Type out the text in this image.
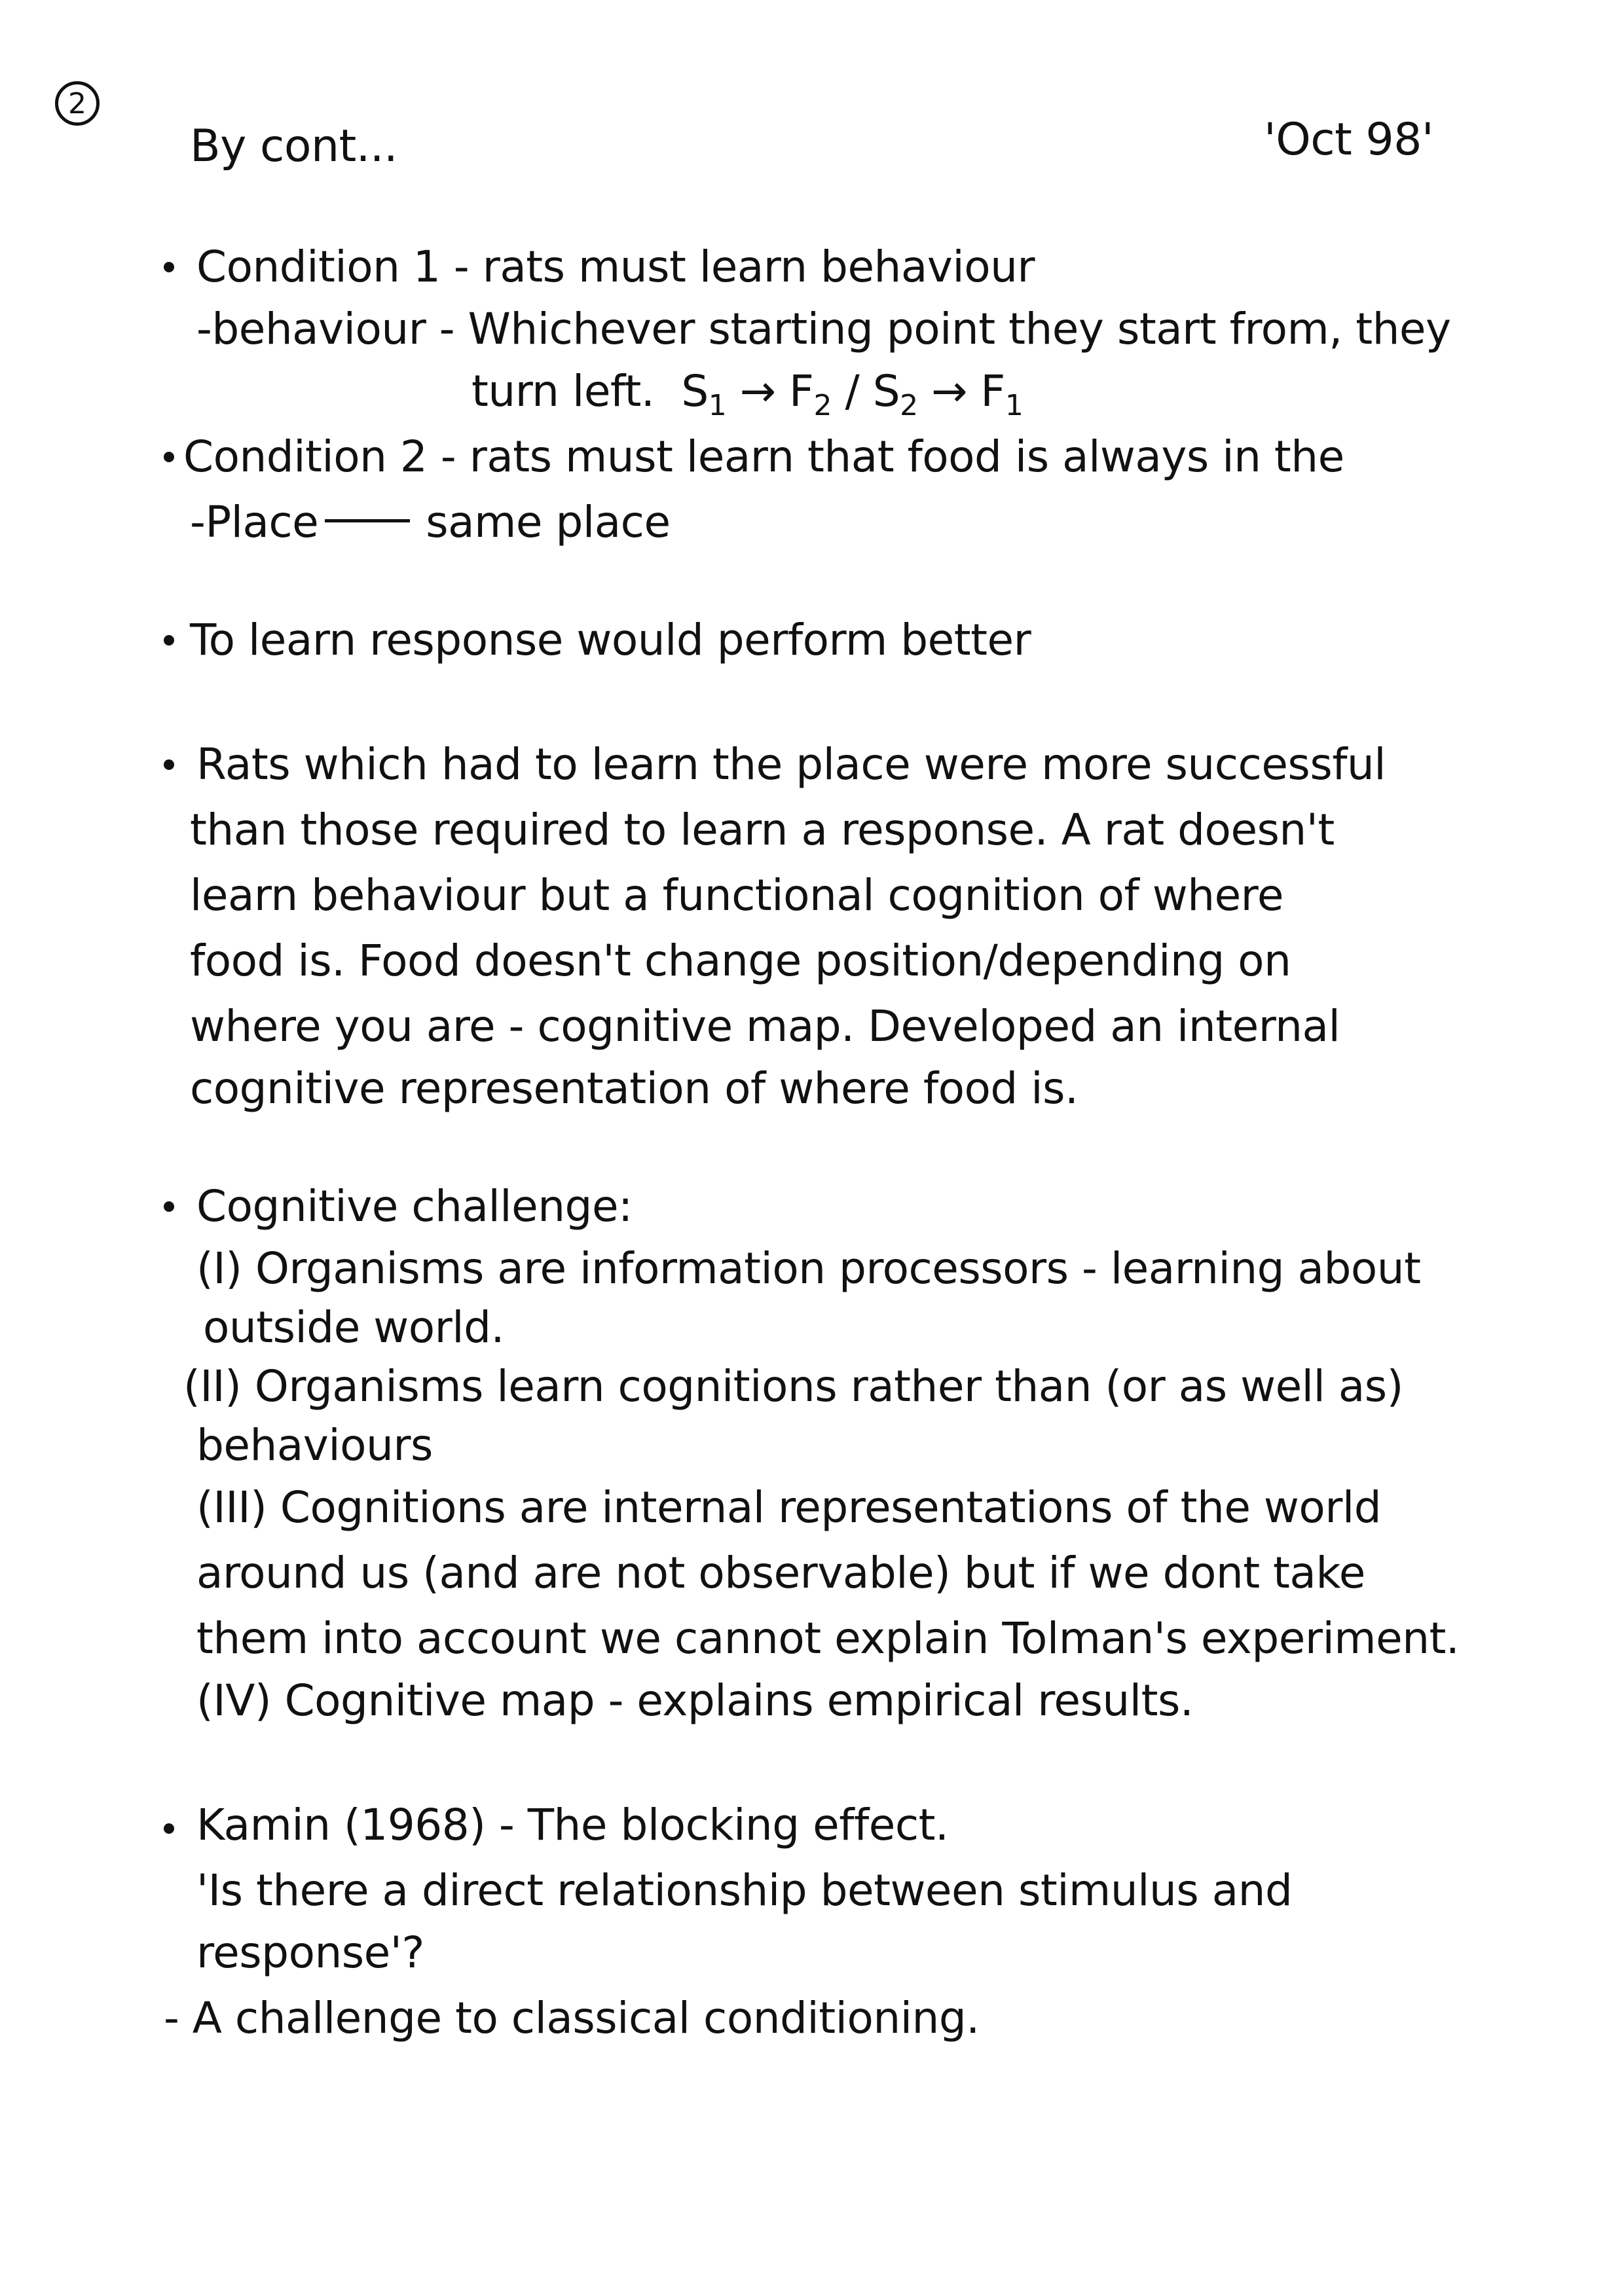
2
By cont...	'Oct 98'
Condition 1 - rats must learn behaviour
-behaviour - Whichever starting point they start from, they
turn left. $S_1 \to F_2 / S_2 \to F_1$
Condition 2 - rats must learn that food is always in the
-Place same place
To learn response would perform better
Rats which had to learn the place were more successful
than those required to learn a response. A rat doesn't
learn behaviour but a functional cognition of where
food is. Food doesn't change position/depending on
where you are - cognitive map. Developed an internal
cognitive representation of where food is.
Cognitive challenge:
(I) Organisms are information processors - learning about
outside world.
(II) Organisms learn cognitions rather than (or as well as)
behaviours
(III) Cognitions are internal representations of the world
around us (and are not observable) but if we dont take
them into account we cannot explain Tolman's experiment.
(IV) Cognitive map - explains empirical results.
Kamin (1968) - The blocking effect.
'Is there a direct relationship between stimulus and
response'?
- A challenge to classical conditioning.
